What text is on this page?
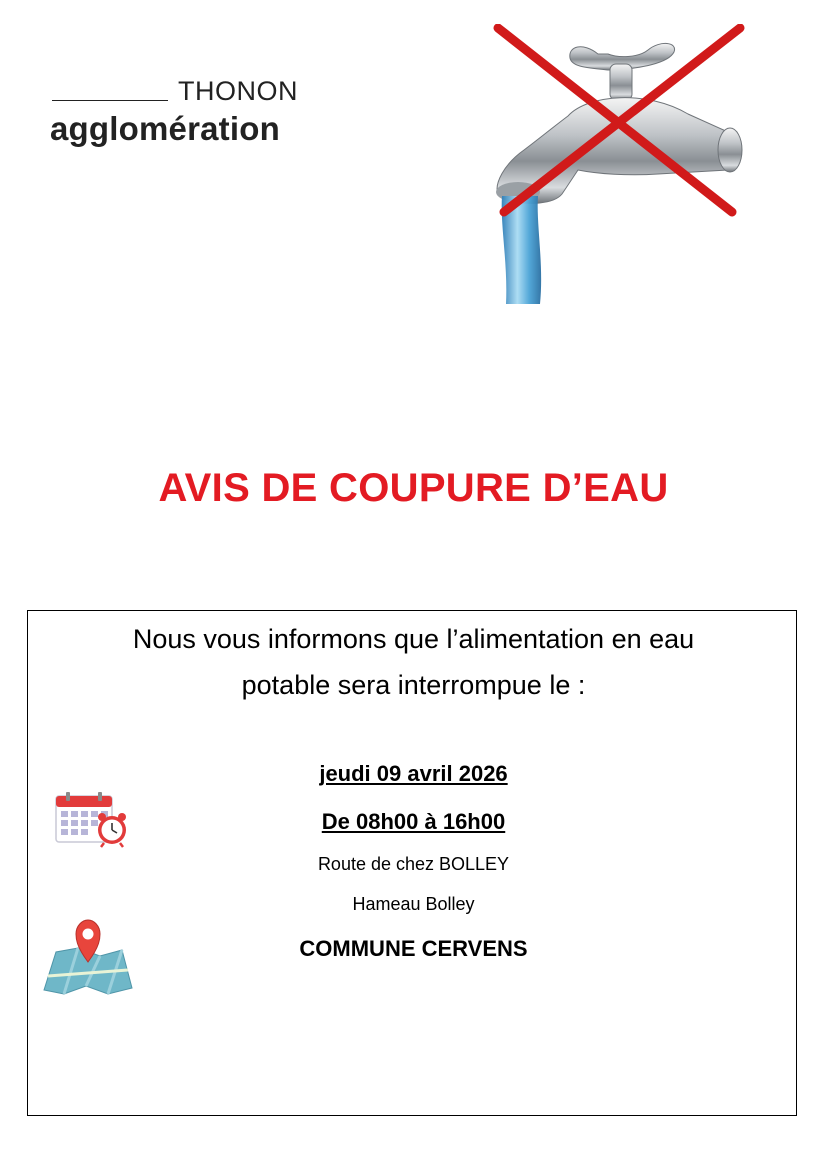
THONON
agglomération
AVIS DE COUPURE D’EAU
Nous vous informons que l’alimentation en eau
potable sera interrompue le :
jeudi 09 avril 2026
De 08h00 à 16h00
Route de chez BOLLEY
Hameau Bolley
COMMUNE CERVENS
